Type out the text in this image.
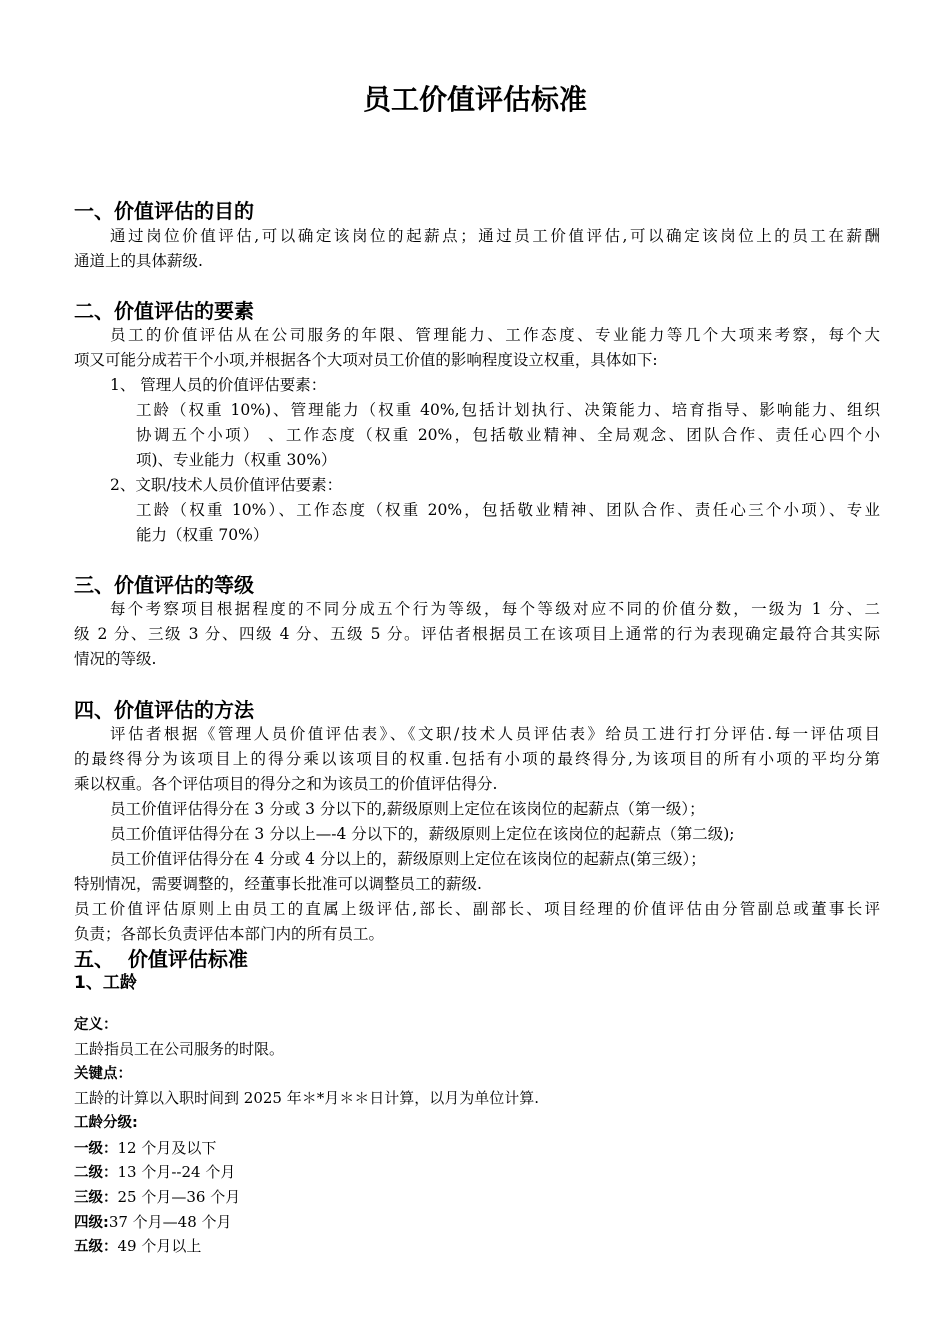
员工价值评估标准
一、价值评估的目的
通过岗位价值评估,可以确定该岗位的起薪点；通过员工价值评估,可以确定该岗位上的员工在薪酬
通道上的具体薪级.
二、价值评估的要素
员工的价值评估从在公司服务的年限、管理能力、工作态度、专业能力等几个大项来考察，每个大
项又可能分成若干个小项,并根据各个大项对员工价值的影响程度设立权重，具体如下:
1、 管理人员的价值评估要素：
工龄（权重 10%)、管理能力（权重 40%,包括计划执行、决策能力、培育指导、影响能力、组织
协调五个小项） 、工作态度（权重 20%，包括敬业精神、全局观念、团队合作、责任心四个小
项)、专业能力（权重 30%）
2、文职/技术人员价值评估要素：
工龄（权重 10%）、工作态度（权重 20%，包括敬业精神、团队合作、责任心三个小项）、专业
能力（权重 70%）
三、价值评估的等级
每个考察项目根据程度的不同分成五个行为等级，每个等级对应不同的价值分数，一级为 1 分、二
级 2 分、三级 3 分、四级 4 分、五级 5 分。评估者根据员工在该项目上通常的行为表现确定最符合其实际
情况的等级.
四、价值评估的方法
评估者根据《管理人员价值评估表》、《文职/技术人员评估表》给员工进行打分评估.每一评估项目
的最终得分为该项目上的得分乘以该项目的权重.包括有小项的最终得分,为该项目的所有小项的平均分第
乘以权重。各个评估项目的得分之和为该员工的价值评估得分.
员工价值评估得分在 3 分或 3 分以下的,薪级原则上定位在该岗位的起薪点（第一级）；
员工价值评估得分在 3 分以上—-4 分以下的，薪级原则上定位在该岗位的起薪点（第二级);
员工价值评估得分在 4 分或 4 分以上的，薪级原则上定位在该岗位的起薪点(第三级）；
特别情况，需要调整的，经董事长批准可以调整员工的薪级.
员工价值评估原则上由员工的直属上级评估,部长、副部长、项目经理的价值评估由分管副总或董事长评
负责；各部长负责评估本部门内的所有员工。
五、  价值评估标准
1、工龄
定义：
工龄指员工在公司服务的时限。
关键点：
工龄的计算以入职时间到 2025 年＊*月＊＊日计算，以月为单位计算.
工龄分级:
一级：12 个月及以下
二级：13 个月--24 个月
三级：25 个月—36 个月
四级:37 个月—48 个月
五级：49 个月以上
